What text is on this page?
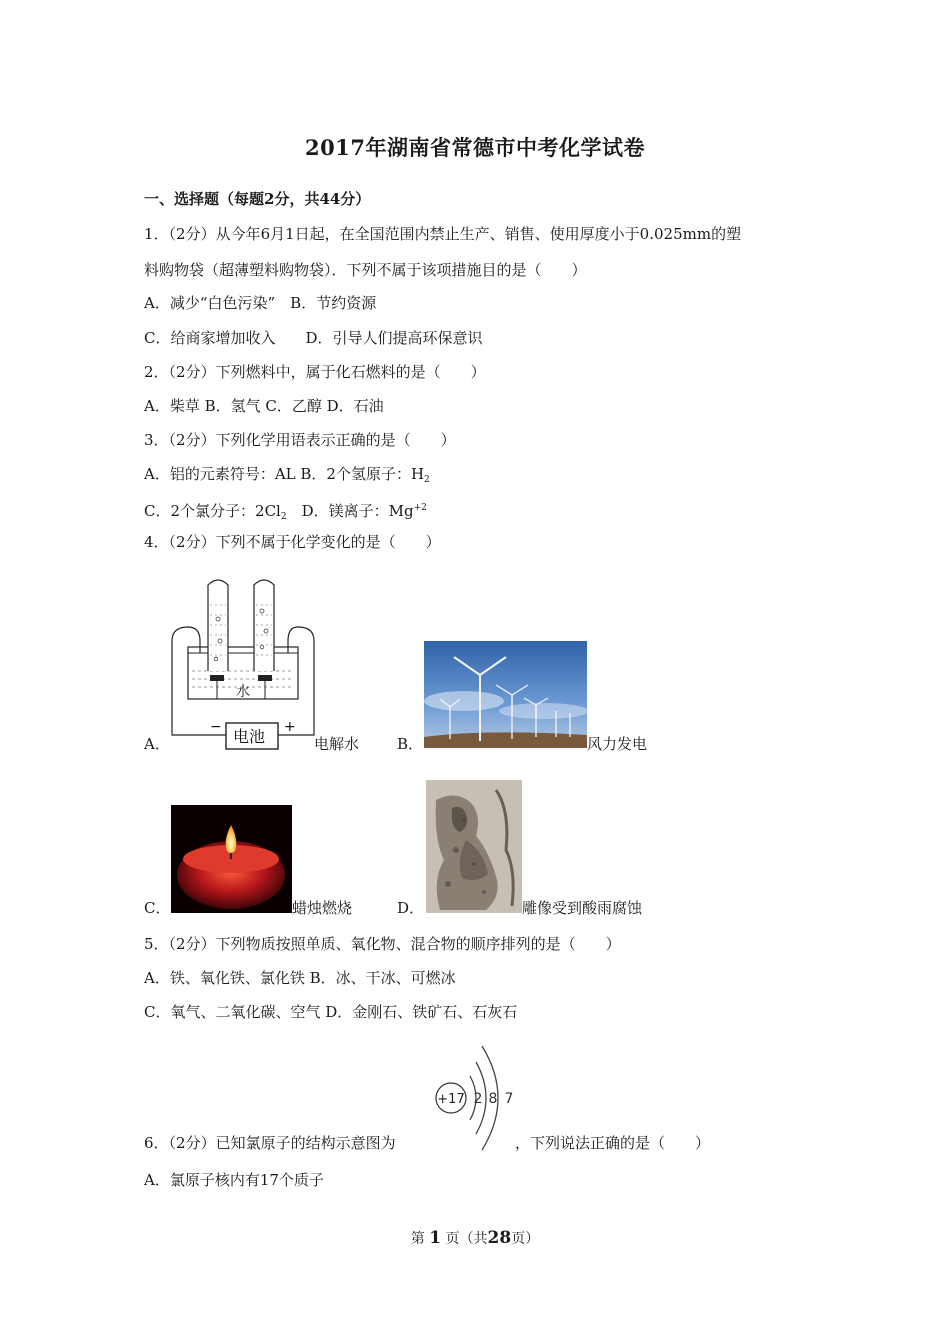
2017年湖南省常德市中考化学试卷
一、选择题（每题2分，共44分）
1．（2分）从今年6月1日起，在全国范围内禁止生产、销售、使用厚度小于0.025mm的塑
料购物袋（超薄塑料购物袋）．下列不属于该项措施目的是（　　）
A．减少“白色污染”　B．节约资源
C．给商家增加收入　　D．引导人们提高环保意识
2．（2分）下列燃料中，属于化石燃料的是（　　）
A．柴草 B．氢气 C．乙醇 D．石油
3．（2分）下列化学用语表示正确的是（　　）
A．铝的元素符号：AL B．2个氢原子：$H_2$
C．2个氯分子：$2Cl_2$　D．镁离子：$Mg^{+2}$
4．（2分）下列不属于化学变化的是（　　）
A．
水
电池
−	+
电解水	B．	风力发电
C．	蜡烛燃烧	D．	雕像受到酸雨腐蚀
5．（2分）下列物质按照单质、氧化物、混合物的顺序排列的是（　　）
A．铁、氧化铁、氯化铁 B．冰、干冰、可燃冰
C．氧气、二氧化碳、空气 D．金刚石、铁矿石、石灰石
+17 2 8 7
6．（2分）已知氯原子的结构示意图为	，下列说法正确的是（　　）
A．氯原子核内有17个质子
第 1 页（共28页）
